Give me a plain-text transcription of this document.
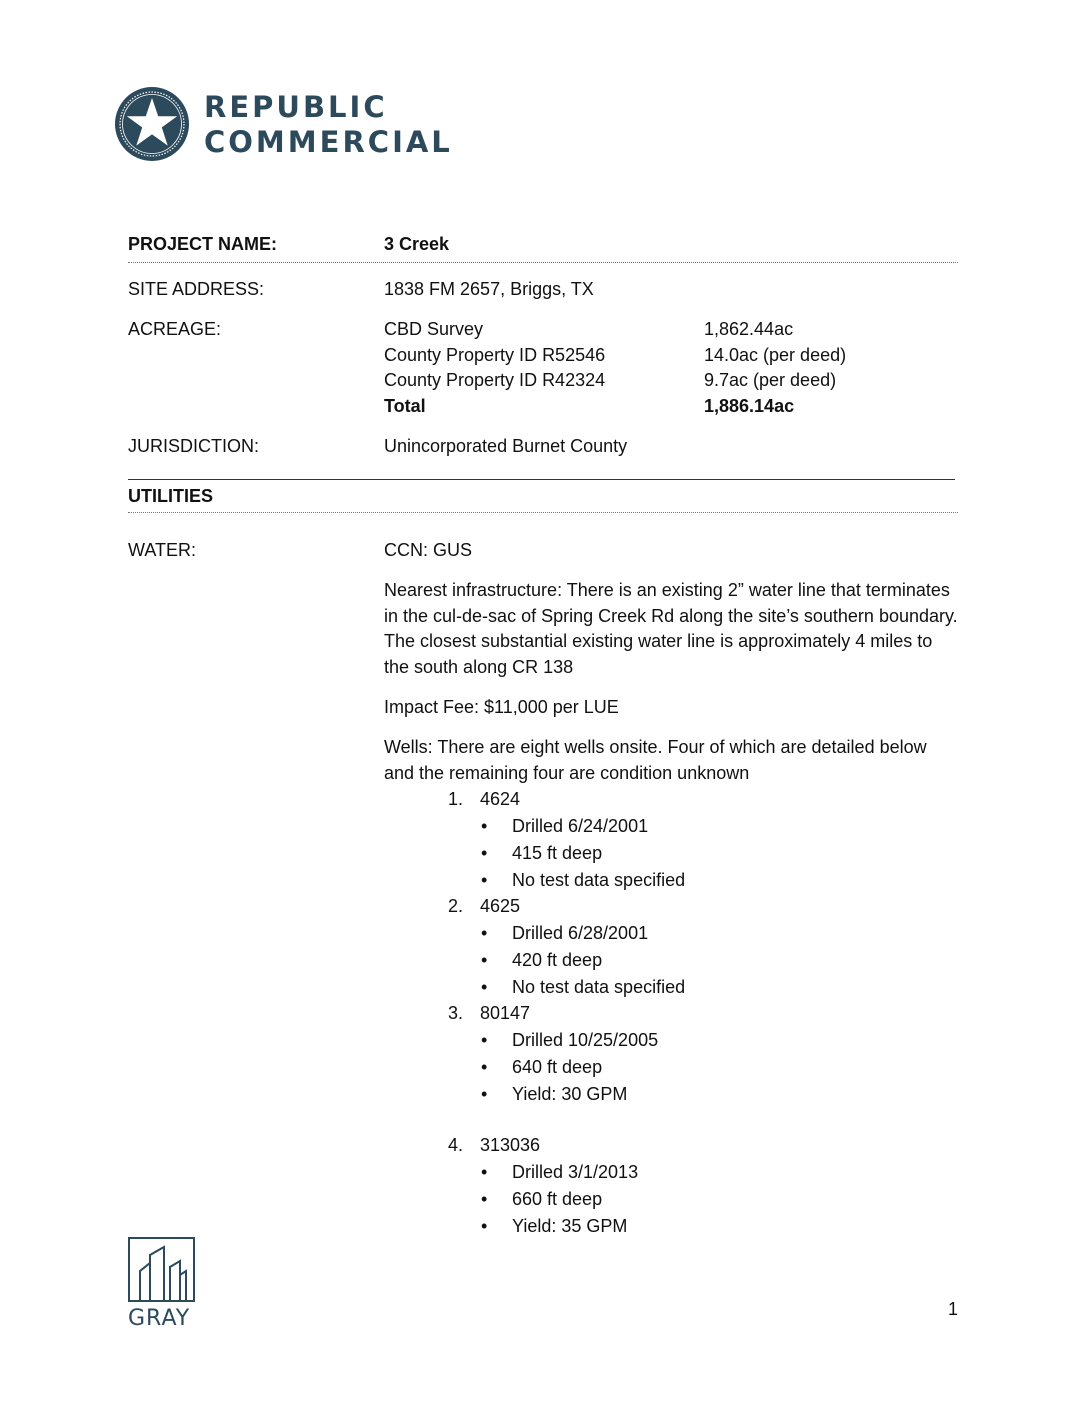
REPUBLIC
COMMERCIAL
PROJECT NAME:	3 Creek
SITE ADDRESS:	1838 FM 2657, Briggs, TX
ACREAGE:	CBD Survey	1,862.44ac
County Property ID R52546	14.0ac (per deed)
County Property ID R42324	9.7ac (per deed)
Total	1,886.14ac
JURISDICTION:	Unincorporated Burnet County
UTILITIES
WATER:	CCN: GUS
Nearest infrastructure: There is an existing 2” water line that terminates in the cul-de-sac of Spring Creek Rd along the site’s southern boundary. The closest substantial existing water line is approximately 4 miles to the south along CR 138
Impact Fee: $11,000 per LUE
Wells: There are eight wells onsite. Four of which are detailed below and the remaining four are condition unknown
1. 4624
• Drilled 6/24/2001
• 415 ft deep
• No test data specified
2. 4625
• Drilled 6/28/2001
• 420 ft deep
• No test data specified
3. 80147
• Drilled 10/25/2005
• 640 ft deep
• Yield: 30 GPM
4. 313036
• Drilled 3/1/2013
• 660 ft deep
• Yield: 35 GPM
GRAY	1
